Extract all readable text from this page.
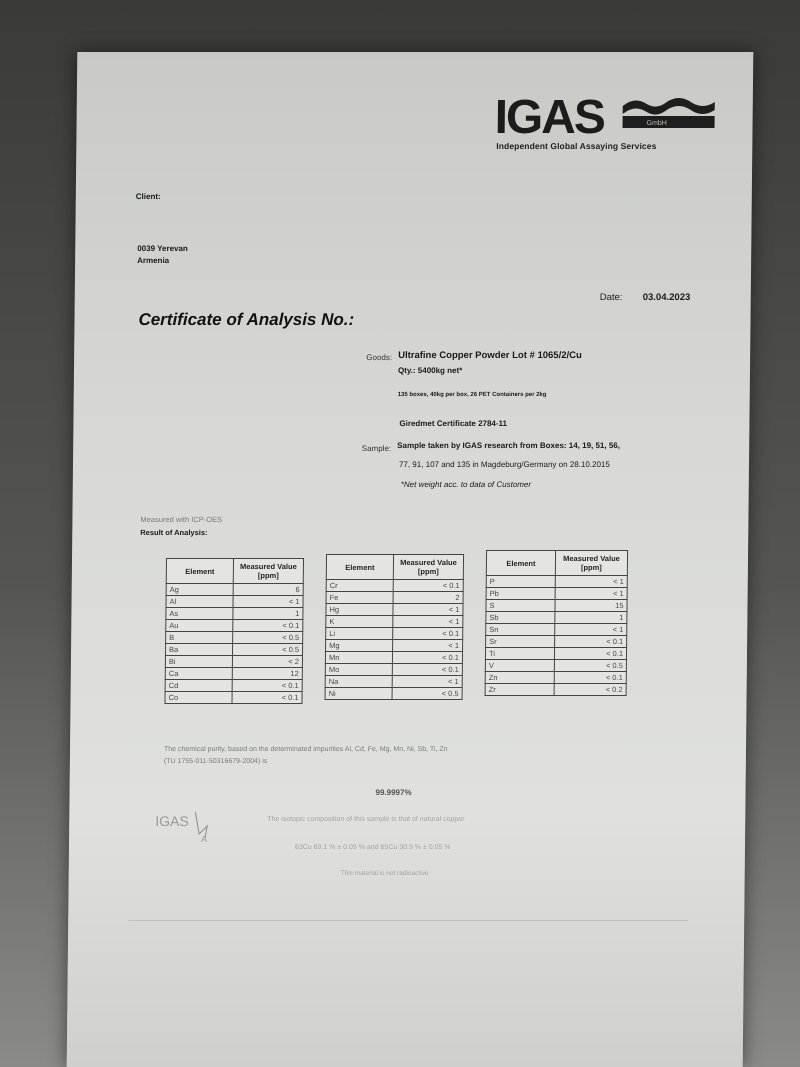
IGAS	GmbH
Independent Global Assaying Services
Client:
0039 Yerevan
Armenia
Date: 03.04.2023
Certificate of Analysis No.:
Goods: Ultrafine Copper Powder Lot # 1065/2/Cu
Qty.: 5400kg net*
135 boxes, 40kg per box, 26 PET Containers per 2kg
Giredmet Certificate 2784-11
Sample: Sample taken by IGAS research from Boxes: 14, 19, 51, 56,
77, 91, 107 and 135 in Magdeburg/Germany on 28.10.2015
*Net weight acc. to data of Customer
Measured with ICP-OES
Result of Analysis:
Element	Measured Value [ppm]
Ag	6
Al	< 1
As	1
Au	< 0.1
B	< 0.5
Ba	< 0.5
Bi	< 2
Ca	12
Cd	< 0.1
Co	< 0.1
Element	Measured Value [ppm]
Cr	< 0.1
Fe	2
Hg	< 1
K	< 1
Li	< 0.1
Mg	< 1
Mn	< 0.1
Mo	< 0.1
Na	< 1
Ni	< 0.5
Element	Measured Value [ppm]
P	< 1
Pb	< 1
S	15
Sb	1
Sn	< 1
Sr	< 0.1
Ti	< 0.1
V	< 0.5
Zn	< 0.1
Zr	< 0.2
The chemical purity, based on the determinated impurities Al, Cd, Fe, Mg, Mn, Ni, Sb, Ti, Zn
(TU 1755-011-50316679-2004) is
99.9997%
IGAS
A
The isotopic composition of this sample is that of natural copper
63Cu 69.1 % ± 0.05 % and 65Cu 30.9 % ± 0.05 %
This material is not radioactive
